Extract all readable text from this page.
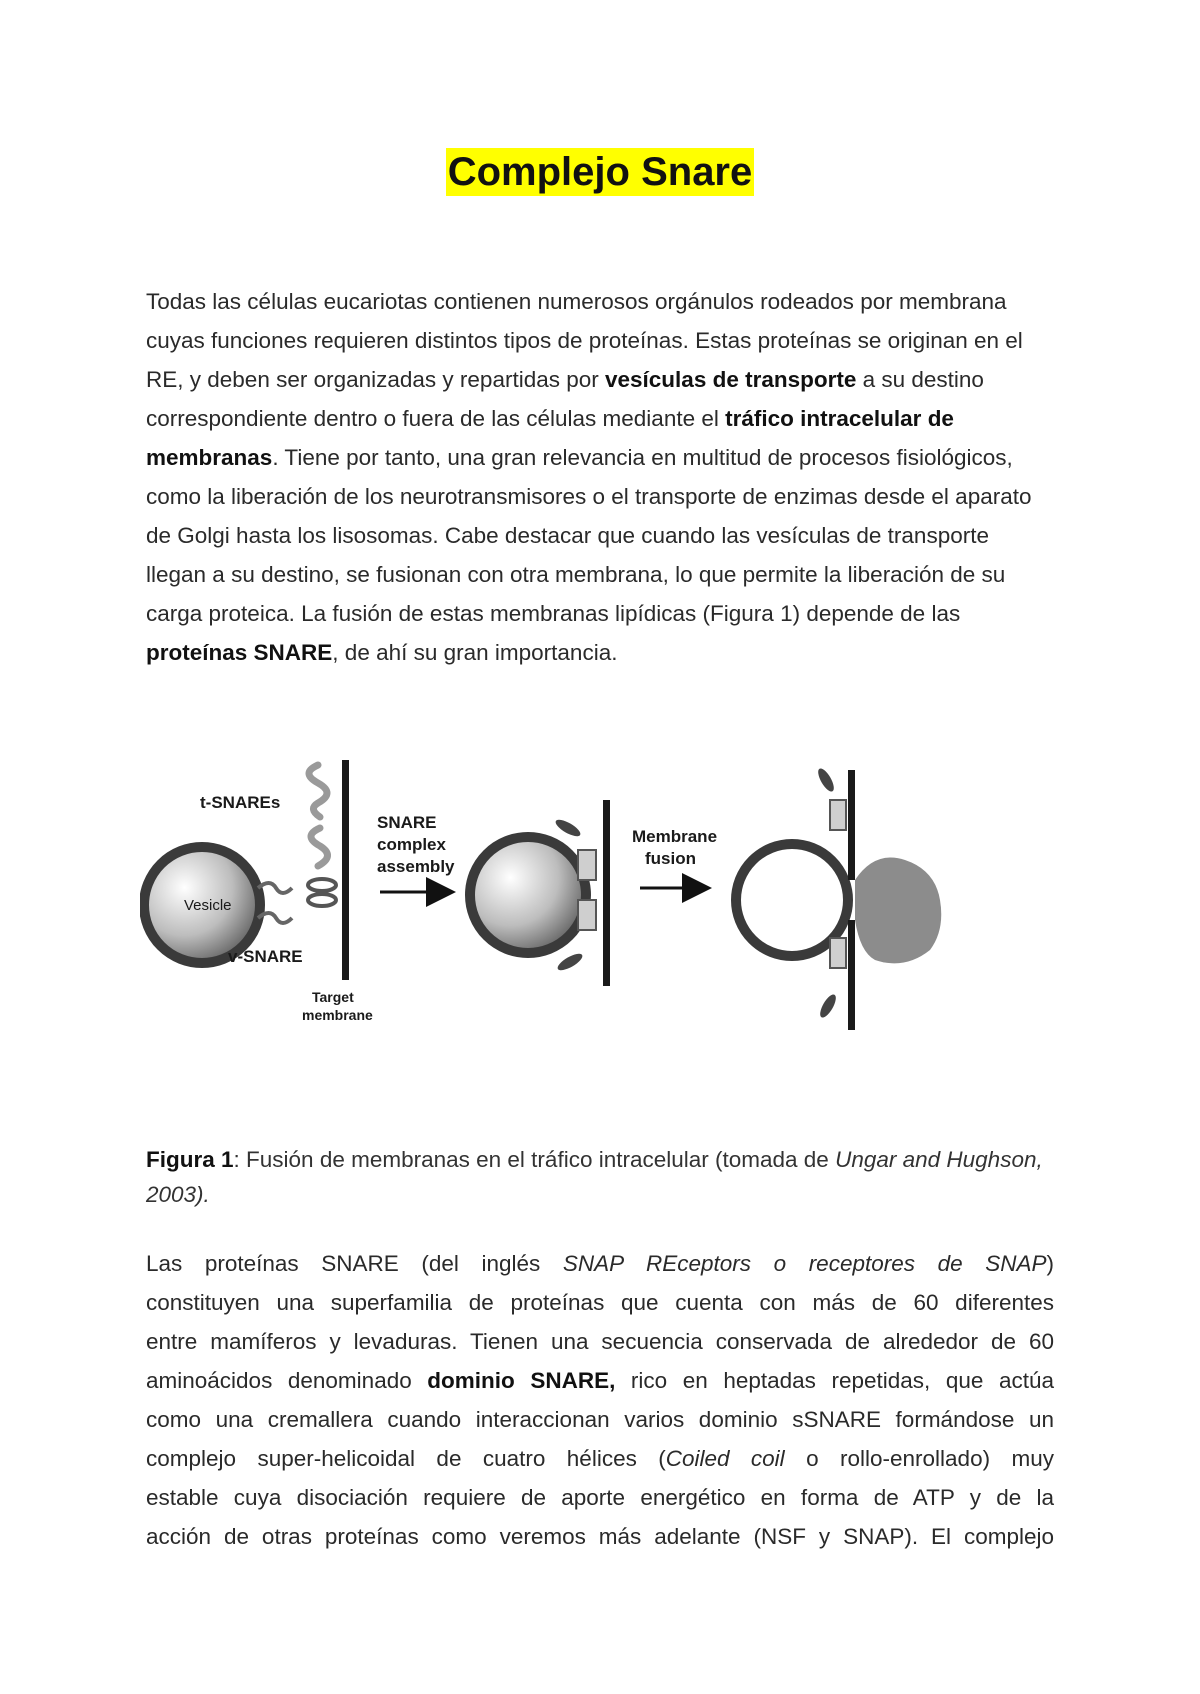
Complejo Snare

Todas las células eucariotas contienen numerosos orgánulos rodeados por membrana cuyas funciones requieren distintos tipos de proteínas. Estas proteínas se originan en el RE, y deben ser organizadas y repartidas por vesículas de transporte a su destino correspondiente dentro o fuera de las células mediante el tráfico intracelular de membranas. Tiene por tanto, una gran relevancia en multitud de procesos fisiológicos, como la liberación de los neurotransmisores o el transporte de enzimas desde el aparato de Golgi hasta los lisosomas. Cabe destacar que cuando las vesículas de transporte llegan a su destino, se fusionan con otra membrana, lo que permite la liberación de su carga proteica. La fusión de estas membranas lipídicas (Figura 1) depende de las proteínas SNARE, de ahí su gran importancia.

Vesicle
t-SNAREs
v-SNARE
Target
membrane
SNARE
complex
assembly
Membrane
fusion
Figura 1: Fusión de membranas en el tráfico intracelular (tomada de Ungar and Hughson, 2003).
Las proteínas SNARE (del inglés SNAP REceptors o receptores de SNAP)
constituyen una superfamilia de proteínas que cuenta con más de 60 diferentes
entre mamíferos y levaduras. Tienen una secuencia conservada de alrededor de 60
aminoácidos denominado dominio SNARE, rico en heptadas repetidas, que actúa
como una cremallera cuando interaccionan varios dominio sSNARE formándose un
complejo super-helicoidal de cuatro hélices (Coiled coil o rollo-enrollado) muy
estable cuya disociación requiere de aporte energético en forma de ATP y de la
acción de otras proteínas como veremos más adelante (NSF y SNAP). El complejo
